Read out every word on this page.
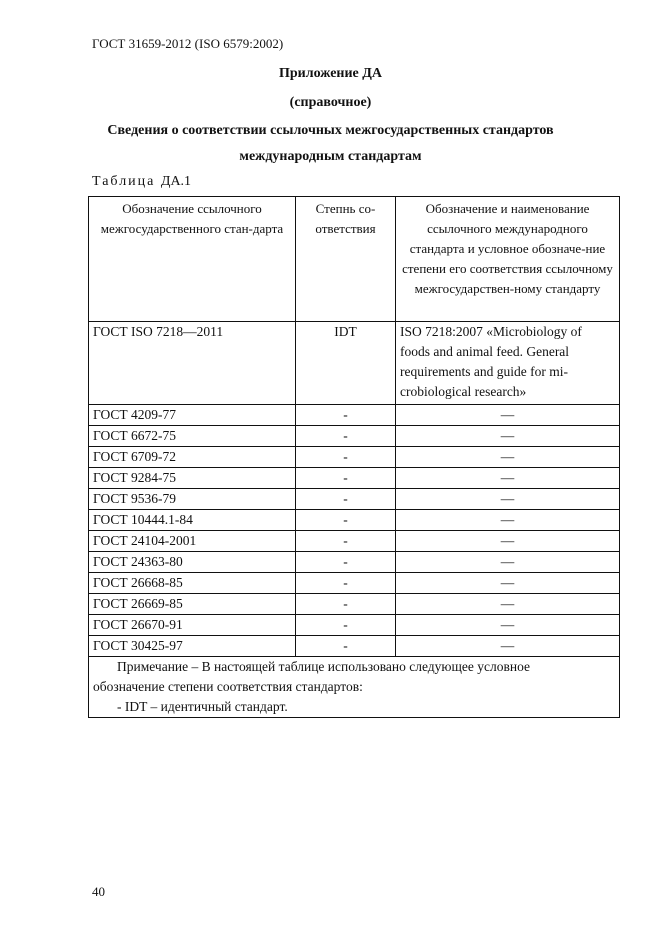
ГОСТ 31659-2012 (ISO 6579:2002)
Приложение ДА
(справочное)
Сведения о соответствии ссылочных межгосударственных стандартов
международным стандартам
Таблица ДА.1
Обозначение ссылочного межгосударственного стан-дарта	Степнь со-ответствия	Обозначение и наименование ссылочного международного стандарта и условное обозначе-ние степени его соответствия ссылочному межгосударствен-ному стандарту
ГОСТ ISO 7218—2011	IDT	ISO 7218:2007 «Microbiology of foods and animal feed. General requirements and guide for mi-crobiological research»
ГОСТ 4209-77	-	—
ГОСТ 6672-75	-	—
ГОСТ 6709-72	-	—
ГОСТ 9284-75	-	—
ГОСТ 9536-79	-	—
ГОСТ 10444.1-84	-	—
ГОСТ 24104-2001	-	—
ГОСТ 24363-80	-	—
ГОСТ 26668-85	-	—
ГОСТ 26669-85	-	—
ГОСТ 26670-91	-	—
ГОСТ 30425-97	-	—

Примечание – В настоящей таблице использовано следующее условное
обозначение степени соответствия стандартов:
- IDT – идентичный стандарт.		
40
